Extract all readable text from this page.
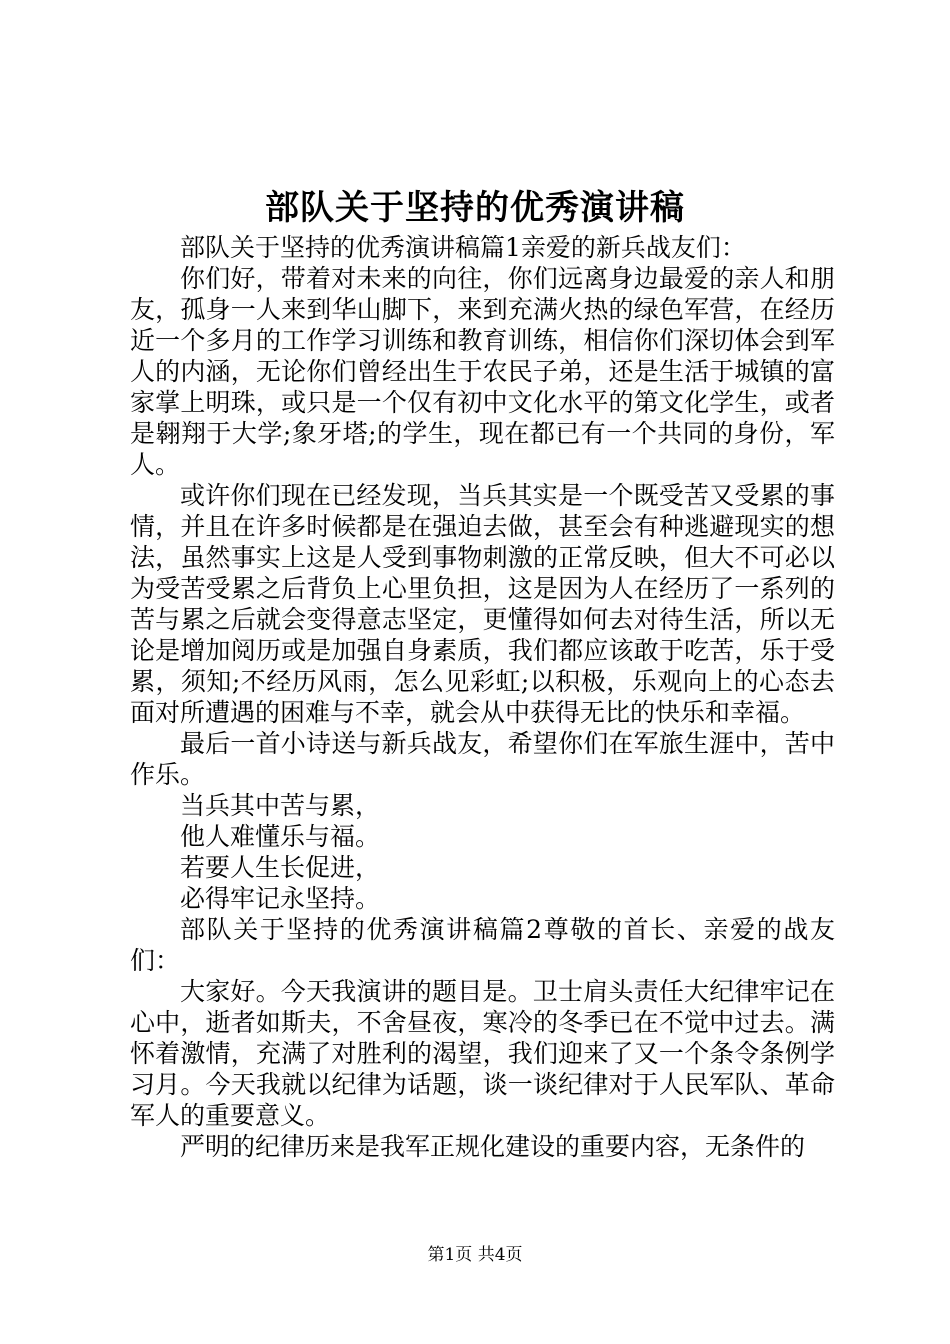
部队关于坚持的优秀演讲稿

部队关于坚持的优秀演讲稿篇1亲爱的新兵战友们：

你们好，带着对未来的向往，你们远离身边最爱的亲人和朋友，孤身一人来到华山脚下，来到充满火热的绿色军营，在经历近一个多月的工作学习训练和教育训练，相信你们深切体会到军人的内涵，无论你们曾经出生于农民子弟，还是生活于城镇的富家掌上明珠，或只是一个仅有初中文化水平的第文化学生，或者是翱翔于大学;象牙塔;的学生，现在都已有一个共同的身份，军人。

或许你们现在已经发现，当兵其实是一个既受苦又受累的事情，并且在许多时候都是在强迫去做，甚至会有种逃避现实的想法，虽然事实上这是人受到事物刺激的正常反映，但大不可必以为受苦受累之后背负上心里负担，这是因为人在经历了一系列的苦与累之后就会变得意志坚定，更懂得如何去对待生活，所以无论是增加阅历或是加强自身素质，我们都应该敢于吃苦，乐于受累，须知;不经历风雨，怎么见彩虹;以积极，乐观向上的心态去面对所遭遇的困难与不幸，就会从中获得无比的快乐和幸福。

最后一首小诗送与新兵战友，希望你们在军旅生涯中，苦中作乐。

当兵其中苦与累，

他人难懂乐与福。

若要人生长促进，

必得牢记永坚持。

部队关于坚持的优秀演讲稿篇2尊敬的首长、亲爱的战友们：

大家好。今天我演讲的题目是。卫士肩头责任大纪律牢记在心中，逝者如斯夫，不舍昼夜，寒冷的冬季已在不觉中过去。满怀着激情，充满了对胜利的渴望，我们迎来了又一个条令条例学习月。今天我就以纪律为话题，谈一谈纪律对于人民军队、革命军人的重要意义。

严明的纪律历来是我军正规化建设的重要内容，无条件的

第1页 共4页
